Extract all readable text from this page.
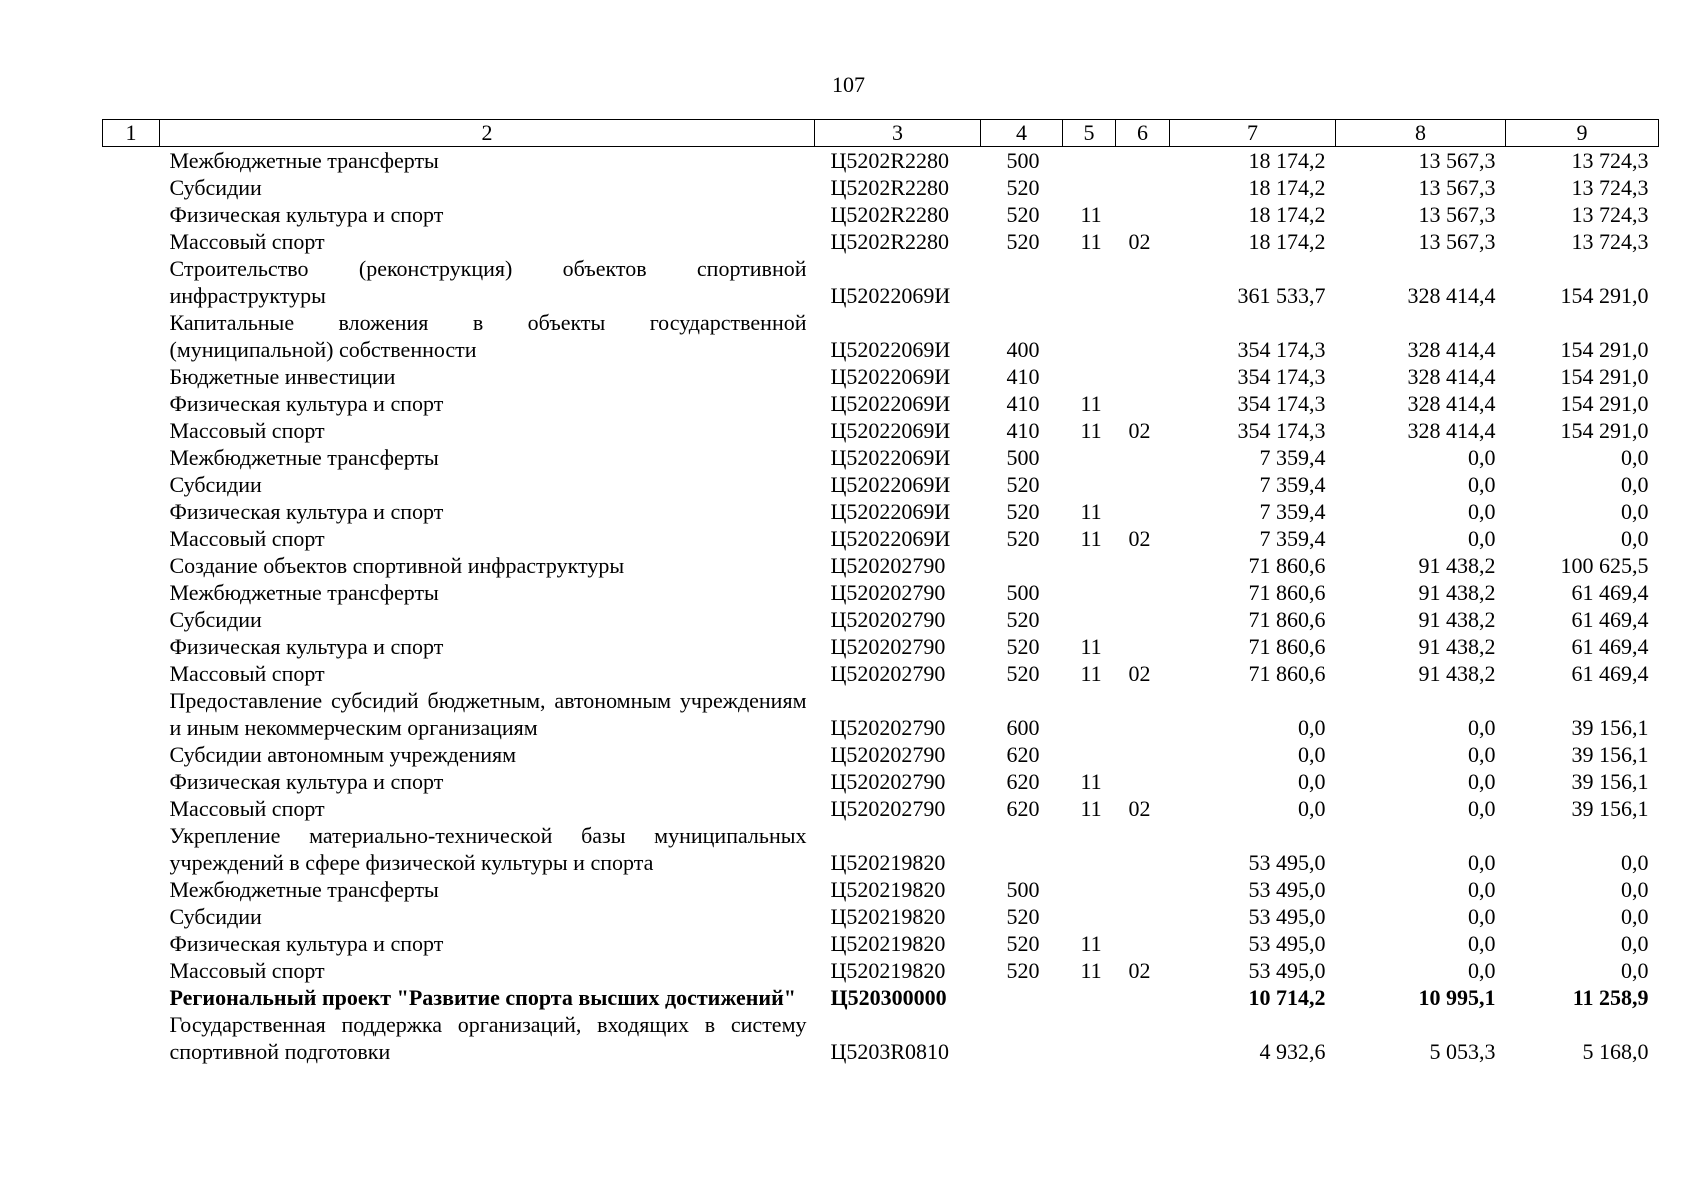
107
1	2	3	4	5	6	7	8	9
	Межбюджетные трансферты	Ц5202R2280	500			18 174,2	13 567,3	13 724,3
	Субсидии	Ц5202R2280	520			18 174,2	13 567,3	13 724,3
	Физическая культура и спорт	Ц5202R2280	520	11		18 174,2	13 567,3	13 724,3
	Массовый спорт	Ц5202R2280	520	11	02	18 174,2	13 567,3	13 724,3
	Строительство (реконструкция) объектов спортивной инфраструктуры	Ц52022069И				361 533,7	328 414,4	154 291,0
	Капитальные вложения в объекты государственной (муниципальной) собственности	Ц52022069И	400			354 174,3	328 414,4	154 291,0
	Бюджетные инвестиции	Ц52022069И	410			354 174,3	328 414,4	154 291,0
	Физическая культура и спорт	Ц52022069И	410	11		354 174,3	328 414,4	154 291,0
	Массовый спорт	Ц52022069И	410	11	02	354 174,3	328 414,4	154 291,0
	Межбюджетные трансферты	Ц52022069И	500			7 359,4	0,0	0,0
	Субсидии	Ц52022069И	520			7 359,4	0,0	0,0
	Физическая культура и спорт	Ц52022069И	520	11		7 359,4	0,0	0,0
	Массовый спорт	Ц52022069И	520	11	02	7 359,4	0,0	0,0
	Создание объектов спортивной инфраструктуры	Ц520202790				71 860,6	91 438,2	100 625,5
	Межбюджетные трансферты	Ц520202790	500			71 860,6	91 438,2	61 469,4
	Субсидии	Ц520202790	520			71 860,6	91 438,2	61 469,4
	Физическая культура и спорт	Ц520202790	520	11		71 860,6	91 438,2	61 469,4
	Массовый спорт	Ц520202790	520	11	02	71 860,6	91 438,2	61 469,4
	Предоставление субсидий бюджетным, автономным учреждениям и иным некоммерческим организациям	Ц520202790	600			0,0	0,0	39 156,1
	Субсидии автономным учреждениям	Ц520202790	620			0,0	0,0	39 156,1
	Физическая культура и спорт	Ц520202790	620	11		0,0	0,0	39 156,1
	Массовый спорт	Ц520202790	620	11	02	0,0	0,0	39 156,1
	Укрепление материально-технической базы муниципальных учреждений в сфере физической культуры и спорта	Ц520219820				53 495,0	0,0	0,0
	Межбюджетные трансферты	Ц520219820	500			53 495,0	0,0	0,0
	Субсидии	Ц520219820	520			53 495,0	0,0	0,0
	Физическая культура и спорт	Ц520219820	520	11		53 495,0	0,0	0,0
	Массовый спорт	Ц520219820	520	11	02	53 495,0	0,0	0,0
	Региональный проект "Развитие спорта высших достижений"	Ц520300000				10 714,2	10 995,1	11 258,9
	Государственная поддержка организаций, входящих в систему спортивной подготовки	Ц5203R0810				4 932,6	5 053,3	5 168,0
